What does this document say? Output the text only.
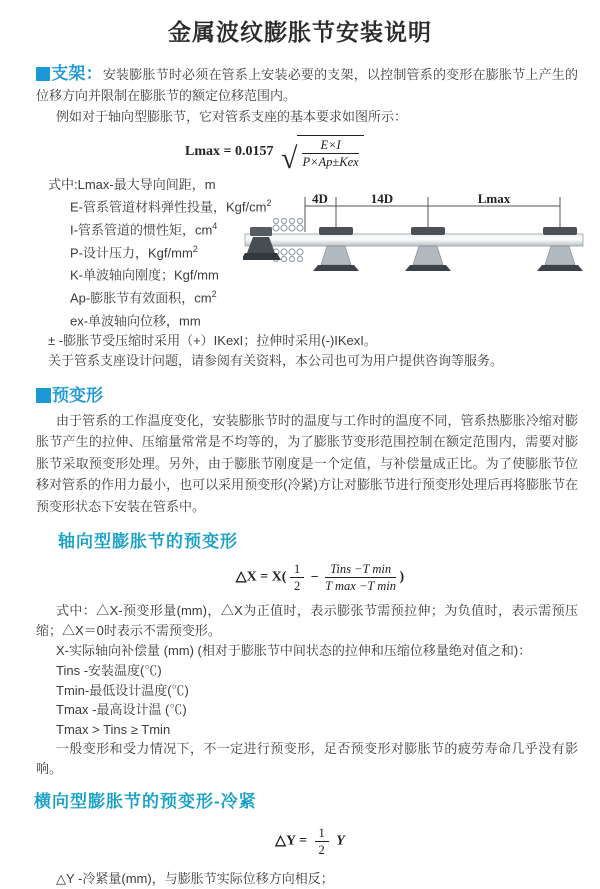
金属波纹膨胀节安装说明
支架：安装膨胀节时必须在管系上安装必要的支架，以控制管系的变形在膨胀节上产生的位移方向并限制在膨胀节的额定位移范围内。
例如对于轴向型膨胀节，它对管系支座的基本要求如图所示：
Lmax = 0.0157 √ $\frac{E\times I}{\text{P×Ap±Kex}}$
式中:Lmax-最大导向间距，m
E-管系管道材料弹性投量，Kgf/$cm^2$
I-管系管道的惯性矩，$cm^4$
P-设计压力，Kgf/$mm^2$
K-单波轴向刚度；Kgf/mm
Ap-膨胀节有效面积，$cm^2$
ex-单波轴向位移，mm
± -膨胀节受压缩时采用（+）IKexI；拉伸时采用(-)IKexI。
关于管系支座设计问题，请参阅有关资料，本公司也可为用户提供咨询等服务。
4D	14D	Lmax
预变形
由于管系的工作温度变化，安装膨胀节时的温度与工作时的温度不同，管系热膨胀冷缩对膨胀节产生的拉伸、压缩量常常是不均等的，为了膨胀节变形范围控制在额定范围内，需要对膨胀节采取预变形处理。另外，由于膨胀节刚度是一个定值，与补偿量成正比。为了使膨胀节位移对管系的作用力最小，也可以采用预变形(冷紧)方让对膨胀节进行预变形处理后再将膨胀节在预变形状态下安装在管系中。
轴向型膨胀节的预变形
△X = $X( \frac{1}{2} - \frac{\text{Tins −T min}}{\text{T max −T min}}$ )
式中：△X-预变形量(mm)，△X为正值时，表示膨张节需预拉伸；为负值时，表示需预压缩；△X＝0时表示不需预变形。
X-实际轴向补偿量 (mm) (相对于膨胀节中间状态的拉伸和压缩位移量绝对值之和)：
Tins -安装温度(℃)
Tmin-最低设计温度(℃)
Tmax -最高设计温 (℃)
Tmax > Tins ≥ Tmin
一般变形和受力情况下，不一定进行预变形，足否预变形对膨胀节的疲劳寿命几乎没有影响。
横向型膨胀节的预变形-冷紧
△Y = $\frac{1}{2}$ Y
△Y -冷紧量(mm)，与膨胀节实际位移方向相反；
